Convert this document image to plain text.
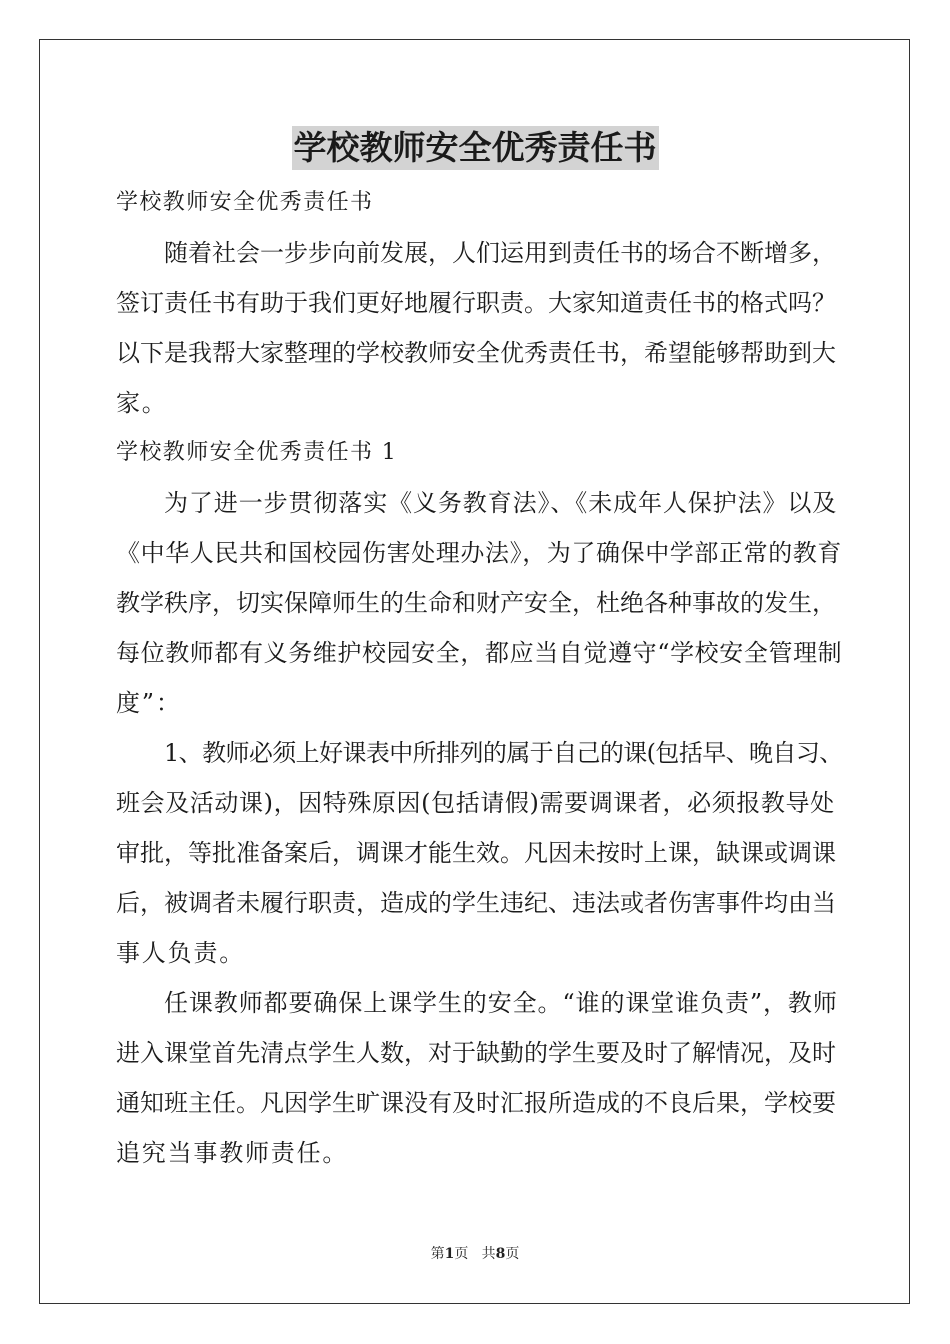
学校教师安全优秀责任书
学校教师安全优秀责任书
随着社会一步步向前发展，人们运用到责任书的场合不断增多，
签订责任书有助于我们更好地履行职责。大家知道责任书的格式吗？
以下是我帮大家整理的学校教师安全优秀责任书，希望能够帮助到大
家。
学校教师安全优秀责任书 1
为了进一步贯彻落实《义务教育法》、《未成年人保护法》以及
《中华人民共和国校园伤害处理办法》，为了确保中学部正常的教育
教学秩序，切实保障师生的生命和财产安全，杜绝各种事故的发生，
每位教师都有义务维护校园安全，都应当自觉遵守“学校安全管理制
度”：
1、教师必须上好课表中所排列的属于自己的课(包括早、晚自习、
班会及活动课)，因特殊原因(包括请假)需要调课者，必须报教导处
审批，等批准备案后，调课才能生效。凡因未按时上课，缺课或调课
后，被调者未履行职责，造成的学生违纪、违法或者伤害事件均由当
事人负责。
任课教师都要确保上课学生的安全。“谁的课堂谁负责”，教师
进入课堂首先清点学生人数，对于缺勤的学生要及时了解情况，及时
通知班主任。凡因学生旷课没有及时汇报所造成的不良后果，学校要
追究当事教师责任。
第1页 共8页
